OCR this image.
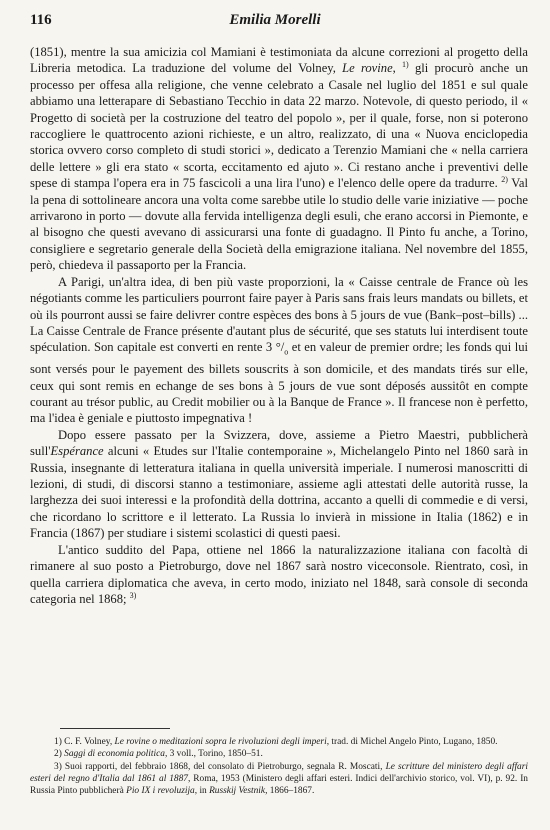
116	Emilia Morelli

(1851), mentre la sua amicizia col Mamiani è testimoniata da alcune correzioni al progetto della Libreria metodica. La traduzione del volume del Volney, Le rovine, $^{1)}$ gli procurò anche un processo per offesa alla religione, che venne celebrato a Casale nel luglio del 1851 e sul quale abbiamo una letterapare di Sebastiano Tecchio in data 22 marzo. Notevole, di questo periodo, il « Progetto di società per la costruzione del teatro del popolo », per il quale, forse, non si poterono raccogliere le quattrocento azioni richieste, e un altro, realizzato, di una « Nuova enciclopedia storica ovvero corso completo di studi storici », dedicato a Terenzio Mamiani che « nella carriera delle lettere » gli era stato « scorta, eccitamento ed ajuto ». Ci restano anche i preventivi delle spese di stampa l'opera era in 75 fascicoli a una lira l'uno) e l'elenco delle opere da tradurre. $^{2)}$ Val la pena di sottolineare ancora una volta come sarebbe utile lo studio delle varie iniziative — poche arrivarono in porto — dovute alla fervida intelligenza degli esuli, che erano accorsi in Piemonte, e al bisogno che questi avevano di assicurarsi una fonte di guadagno. Il Pinto fu anche, a Torino, consigliere e segretario generale della Società della emigrazione italiana. Nel novembre del 1855, però, chiedeva il passaporto per la Francia.

A Parigi, un'altra idea, di ben più vaste proporzioni, la « Caisse centrale de France où les négotiants comme les particuliers pourront faire payer à Paris sans frais leurs mandats ou billets, et où ils pourront aussi se faire delivrer contre espèces des bons à 5 jours de vue (Bank–post–bills) ... La Caisse Centrale de France présente d'autant plus de sécurité, que ses statuts lui interdisent toute spéculation. Son capitale est converti en rente 3 $^\circ/_o$ et en valeur de premier ordre; les fonds qui lui sont versés pour le payement des billets souscrits à son domicile, et des mandats tirés sur elle, ceux qui sont remis en echange de ses bons à 5 jours de vue sont déposés aussitôt en compte courant au trésor public, au Credit mobilier ou à la Banque de France ». Il francese non è perfetto, ma l'idea è geniale e piuttosto impegnativa !

Dopo essere passato per la Svizzera, dove, assieme a Pietro Maestri, pubblicherà sull'Espérance alcuni « Etudes sur l'Italie contemporaine », Michelangelo Pinto nel 1860 sarà in Russia, insegnante di letteratura italiana in quella università imperiale. I numerosi manoscritti di lezioni, di studi, di discorsi stanno a testimoniare, assieme agli attestati delle autorità russe, la larghezza dei suoi interessi e la profondità della dottrina, accanto a quelli di commedie e di versi, che ricordano lo scrittore e il letterato. La Russia lo invierà in missione in Italia (1862) e in Francia (1867) per studiare i sistemi scolastici di questi paesi.

L'antico suddito del Papa, ottiene nel 1866 la naturalizzazione italiana con facoltà di rimanere al suo posto a Pietroburgo, dove nel 1867 sarà nostro viceconsole. Rientrato, così, in quella carriera diplomatica che aveva, in certo modo, iniziato nel 1848, sarà console di seconda categoria nel 1868; $^{3)}$

1) C. F. Volney, Le rovine o meditazioni sopra le rivoluzioni degli imperi, trad. di Michel Angelo Pinto, Lugano, 1850.

2) Saggi di economia politica, 3 voll., Torino, 1850–51.

3) Suoi rapporti, del febbraio 1868, del consolato di Pietroburgo, segnala R. Moscati, Le scritture del ministero degli affari esteri del regno d'Italia dal 1861 al 1887, Roma, 1953 (Ministero degli affari esteri. Indici dell'archivio storico, vol. VI), p. 92. In Russia Pinto pubblicherà Pio IX i revoluzija, in Russkij Vestnik, 1866–1867.
